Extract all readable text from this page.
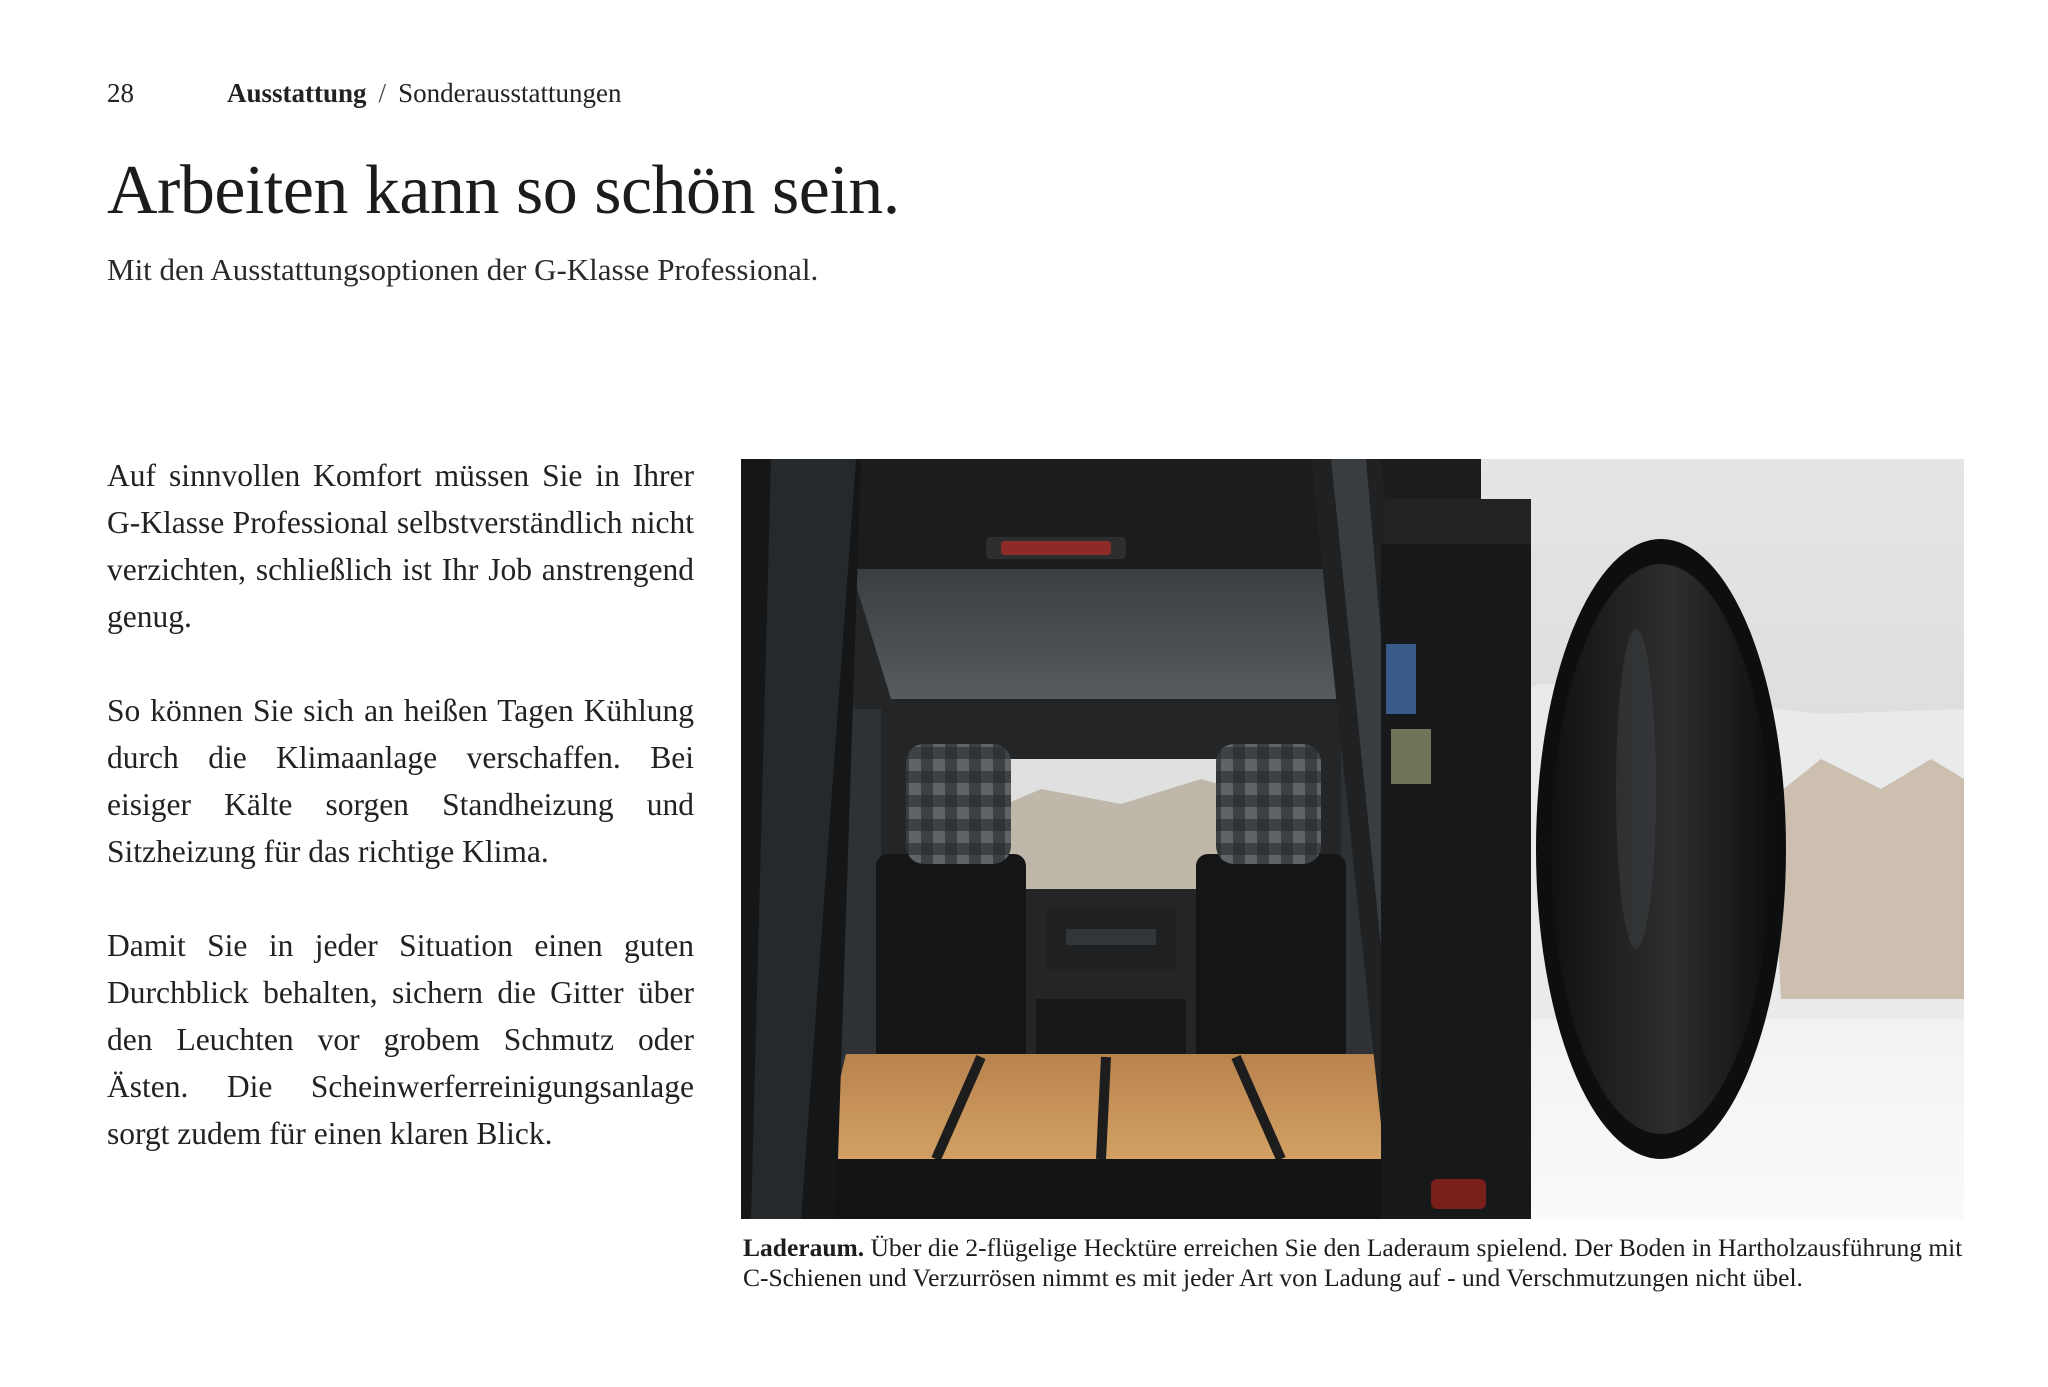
28	Ausstattung / Sonderausstattungen
Arbeiten kann so schön sein.
Mit den Ausstattungsoptionen der G-Klasse Professional.

Auf sinnvollen Komfort müssen Sie in Ihrer G-Klasse Professional selbstverständlich nicht verzichten, schließlich ist Ihr Job anstrengend genug.

So können Sie sich an heißen Tagen Kühlung durch die Klimaanlage verschaffen. Bei eisiger Kälte sorgen Standheizung und Sitzheizung für das richtige Klima.

Damit Sie in jeder Situation einen guten Durchblick behalten, sichern die Gitter über den Leuchten vor grobem Schmutz oder Ästen. Die Scheinwerferreinigungsanlage sorgt zudem für einen klaren Blick.

Laderaum. Über die 2-flügelige Hecktüre erreichen Sie den Laderaum spielend. Der Boden in Hartholzausführung mit C-Schienen und Verzurrösen nimmt es mit jeder Art von Ladung auf - und Verschmutzungen nicht übel.
